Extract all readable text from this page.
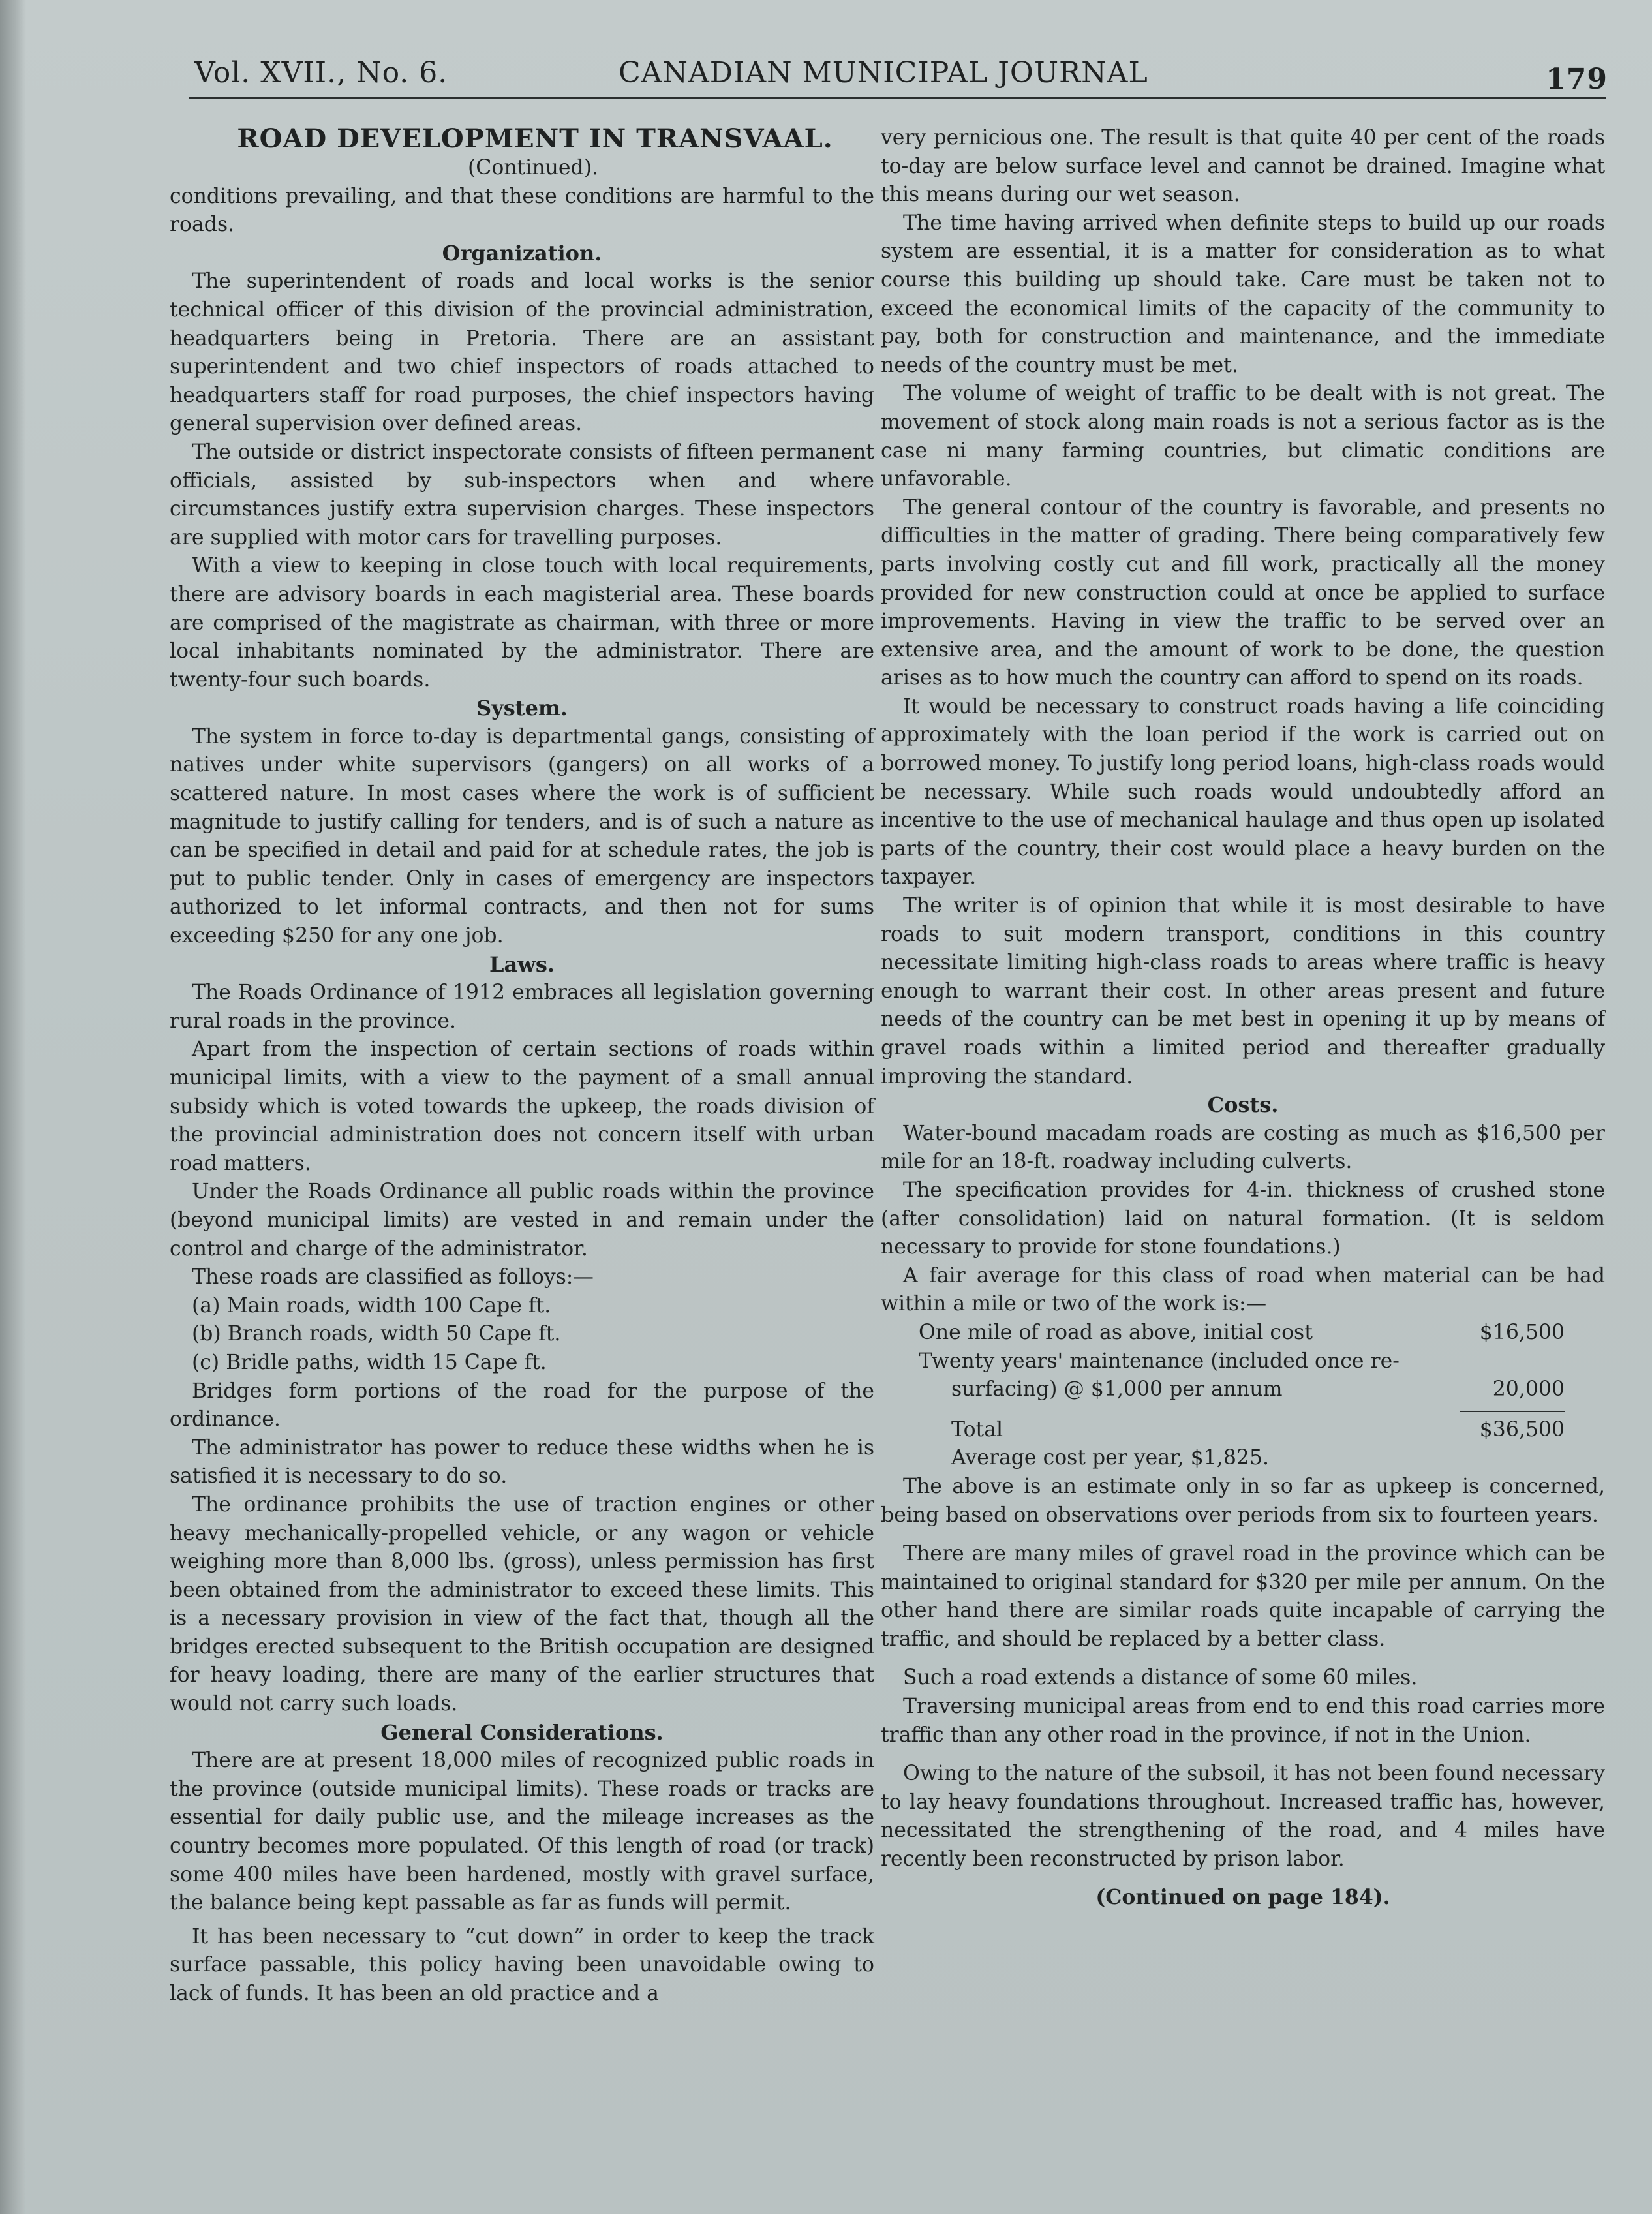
Vol. XVII., No. 6.	CANADIAN MUNICIPAL JOURNAL	179
ROAD DEVELOPMENT IN TRANSVAAL.

(Continued).

conditions prevailing, and that these conditions are harmful to the roads.

Organization.

The superintendent of roads and local works is the senior technical officer of this division of the provincial administration, headquarters being in Pretoria. There are an assistant superintendent and two chief inspectors of roads attached to headquarters staff for road purposes, the chief inspectors having general supervision over defined areas.

The outside or district inspectorate consists of fifteen permanent officials, assisted by sub-inspectors when and where circumstances justify extra supervision charges. These inspectors are supplied with motor cars for travelling purposes.

With a view to keeping in close touch with local requirements, there are advisory boards in each magisterial area. These boards are comprised of the magistrate as chairman, with three or more local inhabitants nominated by the administrator. There are twenty-four such boards.

System.

The system in force to-day is departmental gangs, consisting of natives under white supervisors (gangers) on all works of a scattered nature. In most cases where the work is of sufficient magnitude to justify calling for tenders, and is of such a nature as can be specified in detail and paid for at schedule rates, the job is put to public tender. Only in cases of emergency are inspectors authorized to let informal contracts, and then not for sums exceeding $250 for any one job.

Laws.

The Roads Ordinance of 1912 embraces all legislation governing rural roads in the province.

Apart from the inspection of certain sections of roads within municipal limits, with a view to the payment of a small annual subsidy which is voted towards the upkeep, the roads division of the provincial administration does not concern itself with urban road matters.

Under the Roads Ordinance all public roads within the province (beyond municipal limits) are vested in and remain under the control and charge of the administrator.

These roads are classified as folloys:—

(a) Main roads, width 100 Cape ft.
(b) Branch roads, width 50 Cape ft.
(c) Bridle paths, width 15 Cape ft.

Bridges form portions of the road for the purpose of the ordinance.

The administrator has power to reduce these widths when he is satisfied it is necessary to do so.

The ordinance prohibits the use of traction engines or other heavy mechanically-propelled vehicle, or any wagon or vehicle weighing more than 8,000 lbs. (gross), unless permission has first been obtained from the administrator to exceed these limits. This is a necessary provision in view of the fact that, though all the bridges erected subsequent to the British occupation are designed for heavy loading, there are many of the earlier structures that would not carry such loads.

General Considerations.

There are at present 18,000 miles of recognized public roads in the province (outside municipal limits). These roads or tracks are essential for daily public use, and the mileage increases as the country becomes more populated. Of this length of road (or track) some 400 miles have been hardened, mostly with gravel surface, the balance being kept passable as far as funds will permit.

It has been necessary to “cut down” in order to keep the track surface passable, this policy having been unavoidable owing to lack of funds. It has been an old practice and a

very pernicious one. The result is that quite 40 per cent of the roads to-day are below surface level and cannot be drained. Imagine what this means during our wet season.

The time having arrived when definite steps to build up our roads system are essential, it is a matter for consideration as to what course this building up should take. Care must be taken not to exceed the economical limits of the capacity of the community to pay, both for construction and maintenance, and the immediate needs of the country must be met.

The volume of weight of traffic to be dealt with is not great. The movement of stock along main roads is not a serious factor as is the case ni many farming countries, but climatic conditions are unfavorable.

The general contour of the country is favorable, and presents no difficulties in the matter of grading. There being comparatively few parts involving costly cut and fill work, practically all the money provided for new construction could at once be applied to surface improvements. Having in view the traffic to be served over an extensive area, and the amount of work to be done, the question arises as to how much the country can afford to spend on its roads.

It would be necessary to construct roads having a life coinciding approximately with the loan period if the work is carried out on borrowed money. To justify long period loans, high-class roads would be necessary. While such roads would undoubtedly afford an incentive to the use of mechanical haulage and thus open up isolated parts of the country, their cost would place a heavy burden on the taxpayer.

The writer is of opinion that while it is most desirable to have roads to suit modern transport, conditions in this country necessitate limiting high-class roads to areas where traffic is heavy enough to warrant their cost. In other areas present and future needs of the country can be met best in opening it up by means of gravel roads within a limited period and thereafter gradually improving the standard.

Costs.

Water-bound macadam roads are costing as much as $16,500 per mile for an 18-ft. roadway including culverts.

The specification provides for 4-in. thickness of crushed stone (after consolidation) laid on natural formation. (It is seldom necessary to provide for stone foundations.)

A fair average for this class of road when material can be had within a mile or two of the work is:—

One mile of road as above, initial cost	$16,500
Twenty years' maintenance (included once re-
surfacing) @ $1,000 per annum	20,000
Total	$36,500
Average cost per year, $1,825.

The above is an estimate only in so far as upkeep is concerned, being based on observations over periods from six to fourteen years.

There are many miles of gravel road in the province which can be maintained to original standard for $320 per mile per annum. On the other hand there are similar roads quite incapable of carrying the traffic, and should be replaced by a better class.

Such a road extends a distance of some 60 miles.

Traversing municipal areas from end to end this road carries more traffic than any other road in the province, if not in the Union.

Owing to the nature of the subsoil, it has not been found necessary to lay heavy foundations throughout. Increased traffic has, however, necessitated the strengthening of the road, and 4 miles have recently been reconstructed by prison labor.

(Continued on page 184).
